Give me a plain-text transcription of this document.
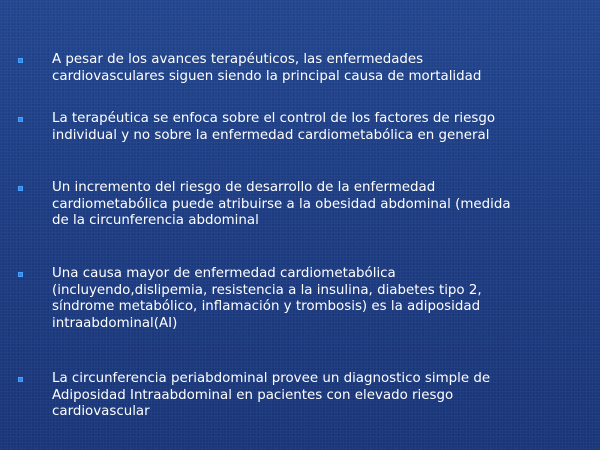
A pesar de los avances terapéuticos, las enfermedades
cardiovasculares siguen siendo la principal causa de mortalidad
La terapéutica se enfoca sobre el control de los factores de riesgo
individual y no sobre la enfermedad cardiometabólica en general
Un incremento del riesgo de desarrollo de la enfermedad
cardiometabólica puede atribuirse a la obesidad abdominal (medida
de la circunferencia abdominal
Una causa mayor de enfermedad cardiometabólica
(incluyendo,dislipemia, resistencia a la insulina, diabetes tipo 2,
síndrome metabólico, inflamación y trombosis) es la adiposidad
intraabdominal(AI)
La circunferencia periabdominal provee un diagnostico simple de
Adiposidad Intraabdominal en pacientes con elevado riesgo
cardiovascular
